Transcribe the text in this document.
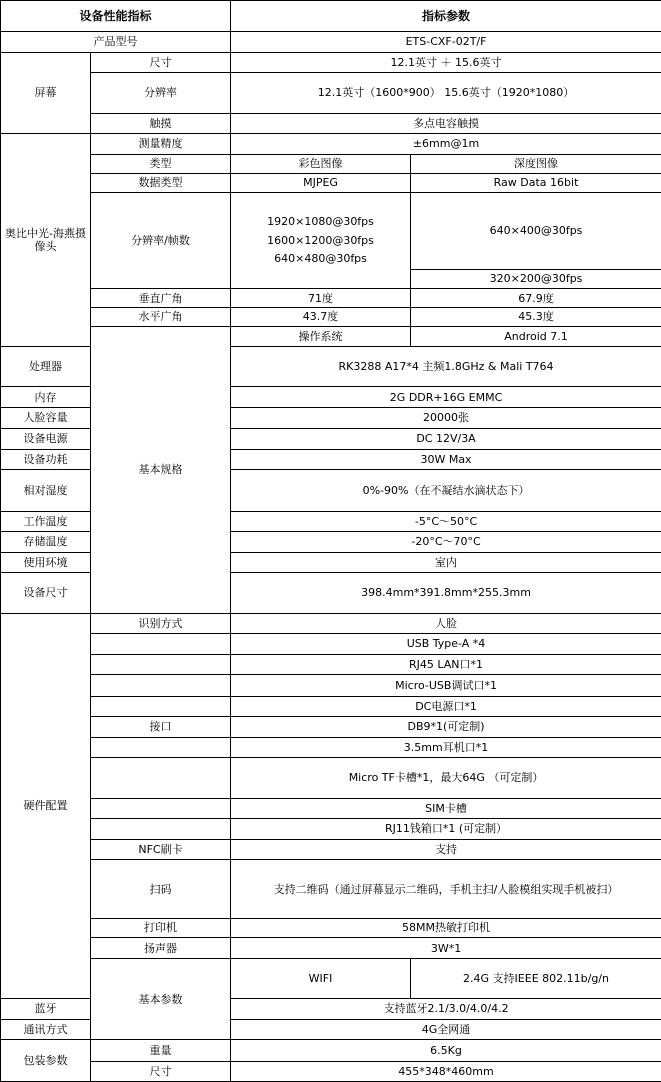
设备性能指标		指标参数	
产品型号		ETS-CXF-02T/F	
屏幕	尺寸	12.1英寸 ＋ 15.6英寸	
	分辨率	12.1英寸（1600*900） 15.6英寸（1920*1080）	
	触摸	多点电容触摸	
奥比中光-海燕摄像头	测量精度	±6mm@1m	
	类型	彩色图像	深度图像
	数据类型	MJPEG	Raw Data 16bit
	分辨率/帧数	1920×1080@30fps
1600×1200@30fps
640×480@30fps	640×400@30fps
			320×200@30fps
	垂直广角	71度	67.9度
	水平广角	43.7度	45.3度
	基本规格	操作系统	Android 7.1
处理器		RK3288 A17*4 主频1.8GHz & Mali T764	
内存		2G DDR+16G EMMC	
人脸容量		20000张	
设备电源		DC 12V/3A	
设备功耗		30W Max	
相对湿度		0%-90%（在不凝结水滴状态下）	
工作温度		-5°C～50°C	
存储温度		-20°C～70°C	
使用环境		室内	
设备尺寸		398.4mm*391.8mm*255.3mm	
硬件配置	识别方式	人脸	
		USB Type-A *4	
		RJ45 LAN口*1	
		Micro-USB调试口*1	
		DC电源口*1	
	接口	DB9*1(可定制)	
		3.5mm耳机口*1	
		Micro TF卡槽*1，最大64G （可定制）	
		SIM卡槽	
		RJ11钱箱口*1 (可定制）	
	NFC刷卡	支持	
	扫码	支持二维码（通过屏幕显示二维码，手机主扫/人脸模组实现手机被扫）	
	打印机	58MM热敏打印机	
	扬声器	3W*1	
	基本参数	WIFI	2.4G 支持IEEE 802.11b/g/n
蓝牙		支持蓝牙2.1/3.0/4.0/4.2	
通讯方式		4G全网通	
包装参数	重量	6.5Kg	
	尺寸	455*348*460mm	
